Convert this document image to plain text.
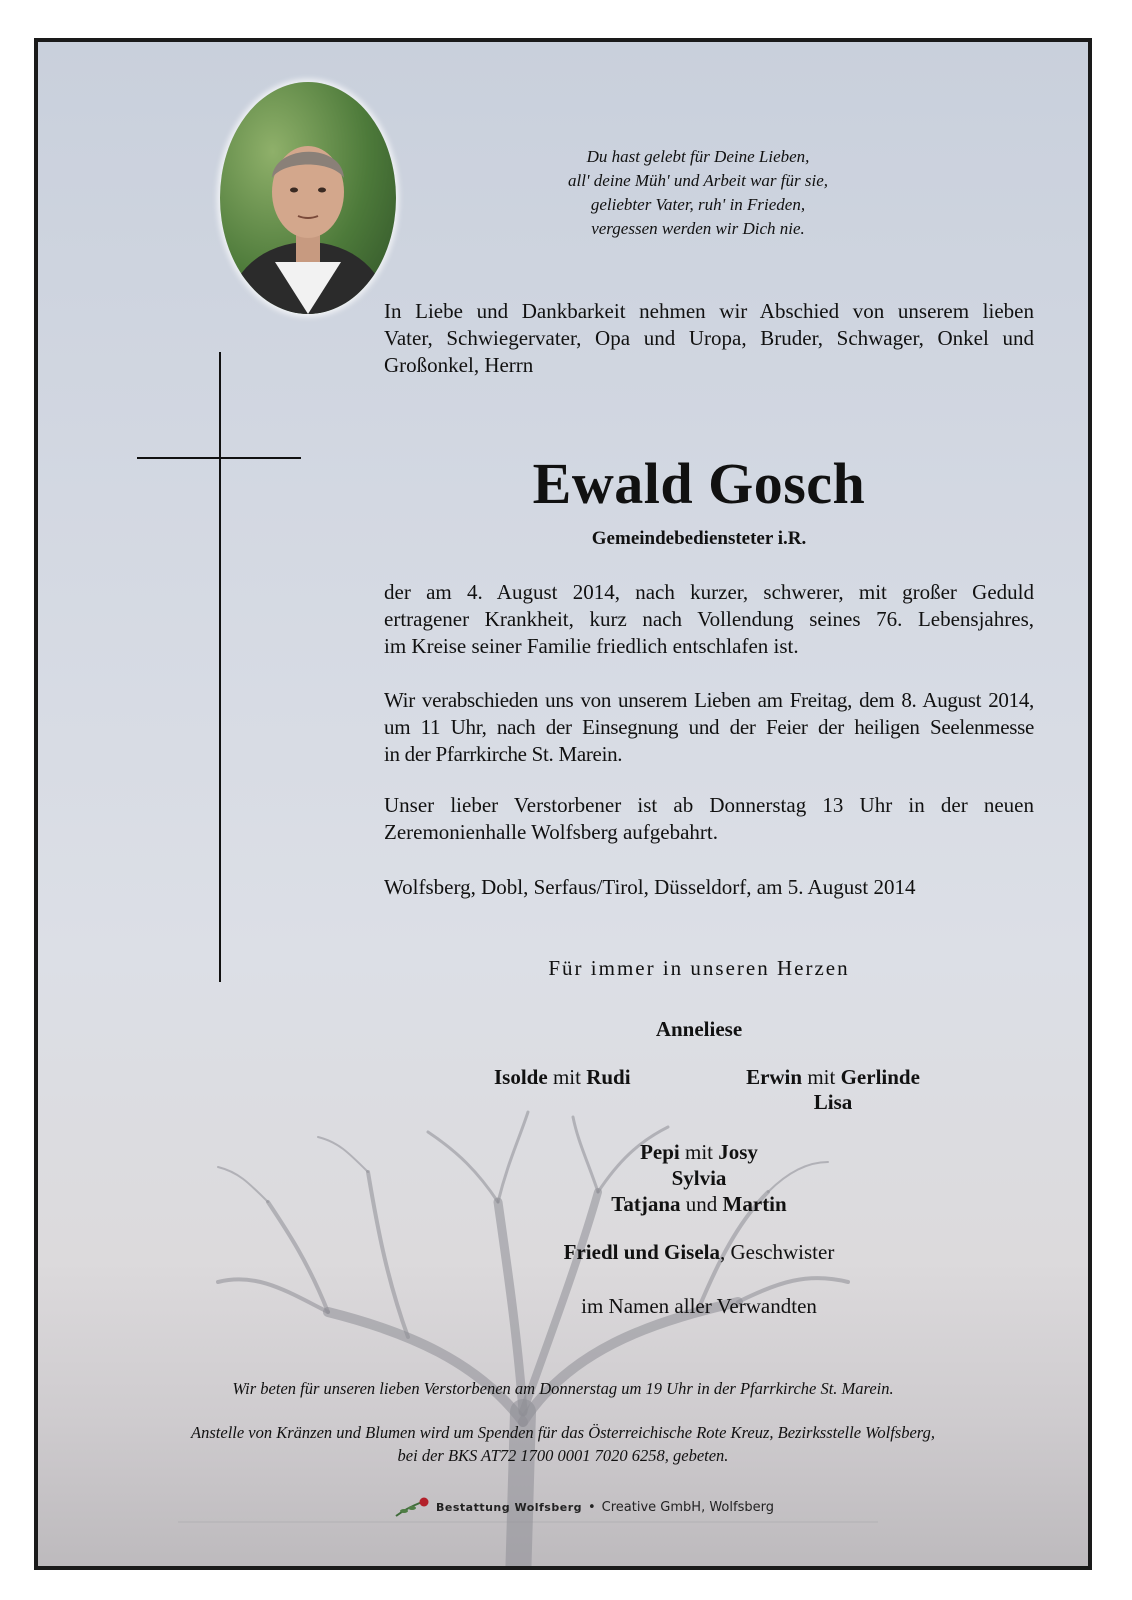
Du hast gelebt für Deine Lieben,
all' deine Müh' und Arbeit war für sie,
geliebter Vater, ruh' in Frieden,
vergessen werden wir Dich nie.
In Liebe und Dankbarkeit nehmen wir Abschied von unserem lieben
Vater, Schwiegervater, Opa und Uropa, Bruder, Schwager, Onkel und
Großonkel, Herrn
Ewald Gosch
Gemeindebediensteter i.R.
der am 4. August 2014, nach kurzer, schwerer, mit großer Geduld
ertragener Krankheit, kurz nach Vollendung seines 76. Lebensjahres,
im Kreise seiner Familie friedlich entschlafen ist.
Wir verabschieden uns von unserem Lieben am Freitag, dem 8. August 2014,
um 11 Uhr, nach der Einsegnung und der Feier der heiligen Seelenmesse
in der Pfarrkirche St. Marein.
Unser lieber Verstorbener ist ab Donnerstag 13 Uhr in der neuen
Zeremonienhalle Wolfsberg aufgebahrt.
Wolfsberg, Dobl, Serfaus/Tirol, Düsseldorf, am 5. August 2014
Für immer in unseren Herzen
Anneliese
Isolde mit Rudi	Erwin mit Gerlinde
Lisa
Pepi mit Josy
Sylvia
Tatjana und Martin
Friedl und Gisela, Geschwister
im Namen aller Verwandten
Wir beten für unseren lieben Verstorbenen am Donnerstag um 19 Uhr in der Pfarrkirche St. Marein.
Anstelle von Kränzen und Blumen wird um Spenden für das Österreichische Rote Kreuz, Bezirksstelle Wolfsberg,
bei der BKS AT72 1700 0001 7020 6258, gebeten.
Bestattung Wolfsberg • Creative GmbH, Wolfsberg
